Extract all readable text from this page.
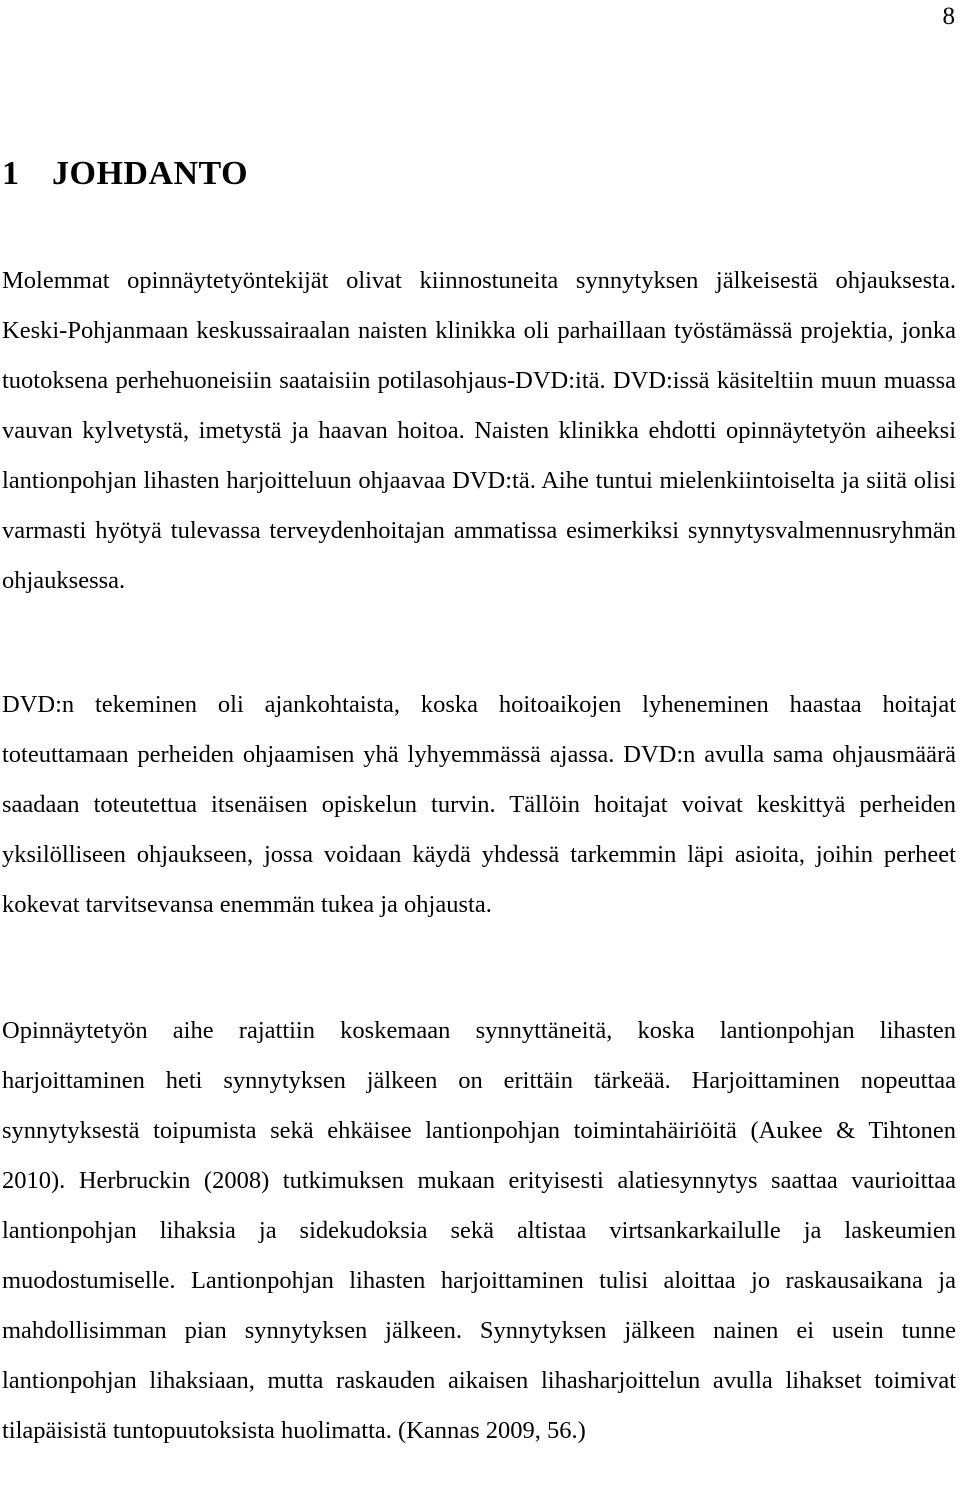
8
1 JOHDANTO

Molemmat opinnäytetyöntekijät olivat kiinnostuneita synnytyksen jälkeisestä ohjauksesta. Keski-Pohjanmaan keskussairaalan naisten klinikka oli parhaillaan työstämässä projektia, jonka tuotoksena perhehuoneisiin saataisiin potilasohjaus-DVD:itä. DVD:issä käsiteltiin muun muassa vauvan kylvetystä, imetystä ja haavan hoitoa. Naisten klinikka ehdotti opinnäytetyön aiheeksi lantionpohjan lihasten harjoitteluun ohjaavaa DVD:tä. Aihe tuntui mielenkiintoiselta ja siitä olisi varmasti hyötyä tulevassa terveydenhoitajan ammatissa esimerkiksi synnytysvalmennusryhmän ohjauksessa.

DVD:n tekeminen oli ajankohtaista, koska hoitoaikojen lyheneminen haastaa hoitajat toteuttamaan perheiden ohjaamisen yhä lyhyemmässä ajassa. DVD:n avulla sama ohjausmäärä saadaan toteutettua itsenäisen opiskelun turvin. Tällöin hoitajat voivat keskittyä perheiden yksilölliseen ohjaukseen, jossa voidaan käydä yhdessä tarkemmin läpi asioita, joihin perheet kokevat tarvitsevansa enemmän tukea ja ohjausta.

Opinnäytetyön aihe rajattiin koskemaan synnyttäneitä, koska lantionpohjan lihasten harjoittaminen heti synnytyksen jälkeen on erittäin tärkeää. Harjoittaminen nopeuttaa synnytyksestä toipumista sekä ehkäisee lantionpohjan toimintahäiriöitä (Aukee & Tihtonen 2010). Herbruckin (2008) tutkimuksen mukaan erityisesti alatiesynnytys saattaa vaurioittaa lantionpohjan lihaksia ja sidekudoksia sekä altistaa virtsankarkailulle ja laskeumien muodostumiselle. Lantionpohjan lihasten harjoittaminen tulisi aloittaa jo raskausaikana ja mahdollisimman pian synnytyksen jälkeen. Synnytyksen jälkeen nainen ei usein tunne lantionpohjan lihaksiaan, mutta raskauden aikaisen lihasharjoittelun avulla lihakset toimivat tilapäisistä tuntopuutoksista huolimatta. (Kannas 2009, 56.)
